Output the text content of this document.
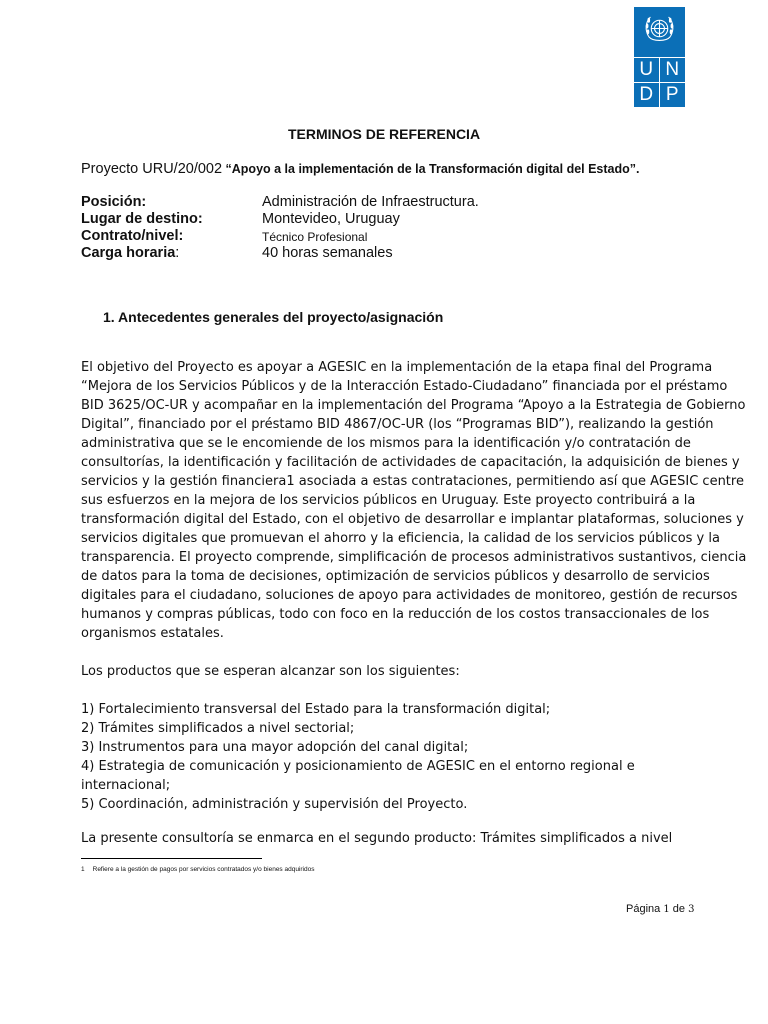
U N
D P
TERMINOS DE REFERENCIA
Proyecto URU/20/002 “Apoyo a la implementación de la Transformación digital del Estado”.
Posición:	Administración de Infraestructura.
Lugar de destino:	Montevideo, Uruguay
Contrato/nivel:	Técnico Profesional
Carga horaria:	40 horas semanales
1. Antecedentes generales del proyecto/asignación
El objetivo del Proyecto es apoyar a AGESIC en la implementación de la etapa final del Programa
“Mejora de los Servicios Públicos y de la Interacción Estado-Ciudadano” financiada por el préstamo
BID 3625/OC-UR y acompañar en la implementación del Programa “Apoyo a la Estrategia de Gobierno
Digital”, financiado por el préstamo BID 4867/OC-UR (los “Programas BID”), realizando la gestión
administrativa que se le encomiende de los mismos para la identificación y/o contratación de
consultorías, la identificación y facilitación de actividades de capacitación, la adquisición de bienes y
servicios y la gestión financiera1 asociada a estas contrataciones, permitiendo así que AGESIC centre
sus esfuerzos en la mejora de los servicios públicos en Uruguay. Este proyecto contribuirá a la
transformación digital del Estado, con el objetivo de desarrollar e implantar plataformas, soluciones y
servicios digitales que promuevan el ahorro y la eficiencia, la calidad de los servicios públicos y la
transparencia. El proyecto comprende, simplificación de procesos administrativos sustantivos, ciencia
de datos para la toma de decisiones, optimización de servicios públicos y desarrollo de servicios
digitales para el ciudadano, soluciones de apoyo para actividades de monitoreo, gestión de recursos
humanos y compras públicas, todo con foco en la reducción de los costos transaccionales de los
organismos estatales.
Los productos que se esperan alcanzar son los siguientes:
1) Fortalecimiento transversal del Estado para la transformación digital;
2) Trámites simplificados a nivel sectorial;
3) Instrumentos para una mayor adopción del canal digital;
4) Estrategia de comunicación y posicionamiento de AGESIC en el entorno regional e
internacional;
5) Coordinación, administración y supervisión del Proyecto.
La presente consultoría se enmarca en el segundo producto: Trámites simplificados a nivel
1 Refiere a la gestión de pagos por servicios contratados y/o bienes adquiridos
Página 1 de 3
